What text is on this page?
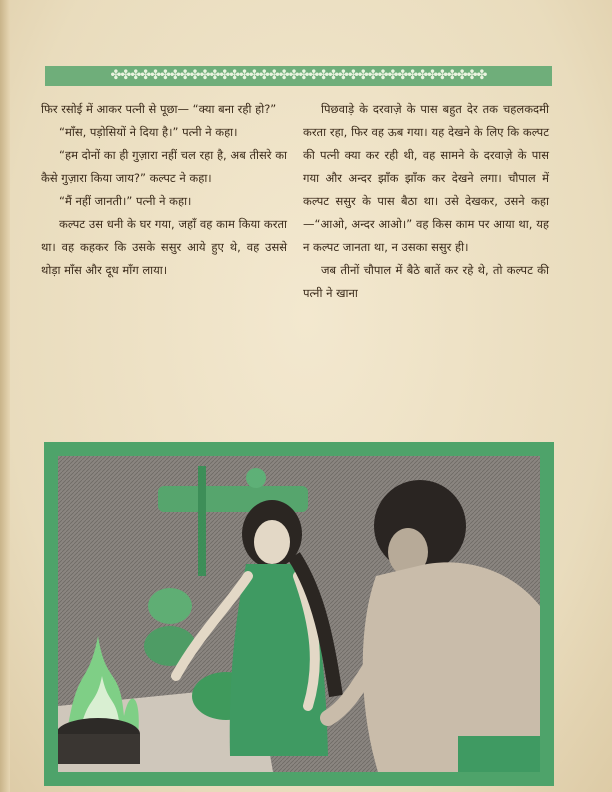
✤✤✤✤✤✤✤✤✤✤✤✤✤✤✤✤✤✤✤✤✤✤✤✤✤✤✤✤✤✤✤✤✤✤✤✤✤✤

फिर रसोई में आकर पत्नी से पूछा— “क्या बना रही हो?”

“माँस, पड़ोसियों ने दिया है।” पत्नी ने कहा।

“हम दोनों का ही गुज़ारा नहीं चल रहा है, अब तीसरे का कैसे गुज़ारा किया जाय?” कल्पट ने कहा।

“मैं नहीं जानती।” पत्नी ने कहा।

कल्पट उस धनी के घर गया, जहाँ वह काम किया करता था। वह कहकर कि उसके ससुर आये हुए थे, वह उससे थोड़ा माँस और दूध माँग लाया।

पिछवाड़े के दरवाज़े के पास बहुत देर तक चहलकदमी करता रहा, फिर वह ऊब गया। यह देखने के लिए कि कल्पट की पत्नी क्या कर रही थी, वह सामने के दरवाज़े के पास गया और अन्दर झाँक झाँक कर देखने लगा। चौपाल में कल्पट ससुर के पास बैठा था। उसे देखकर, उसने कहा—“आओ, अन्दर आओ।” वह किस काम पर आया था, यह न कल्पट जानता था, न उसका ससुर ही।

जब तीनों चौपाल में बैठे बातें कर रहे थे, तो कल्पट की पत्नी ने खाना
